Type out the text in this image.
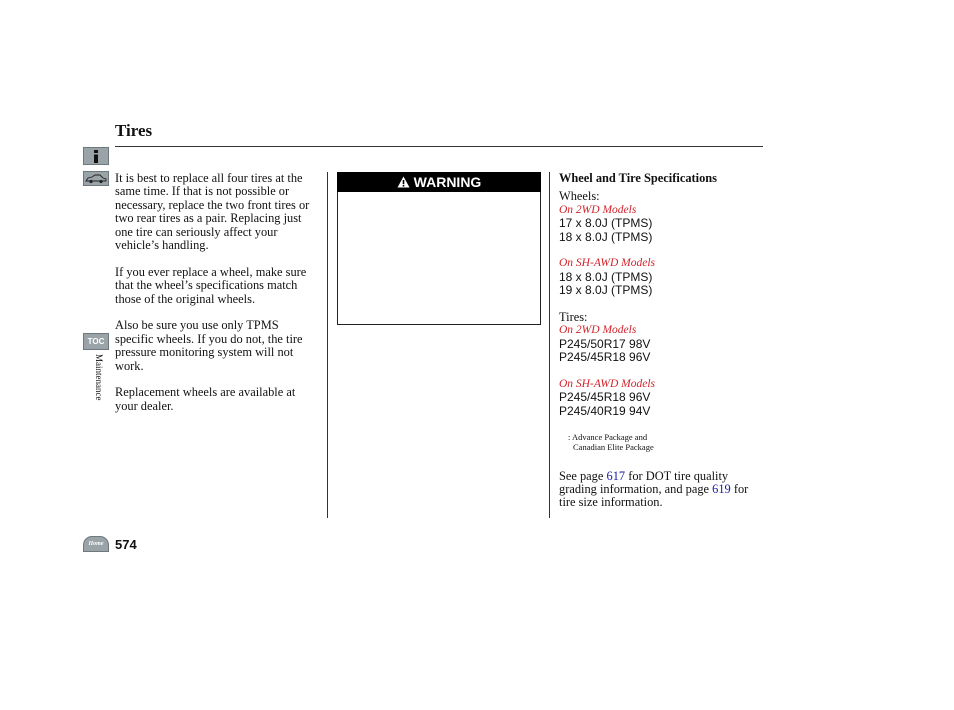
Tires
TOC
Maintenance
Home

It is best to replace all four tires at the same time. If that is not possible or necessary, replace the two front tires or two rear tires as a pair. Replacing just one tire can seriously affect your vehicle’s handling.

If you ever replace a wheel, make sure that the wheel’s specifications match those of the original wheels.

Also be sure you use only TPMS specific wheels. If you do not, the tire pressure monitoring system will not work.

Replacement wheels are available at your dealer.

WARNING	Wheel and Tire Specifications
Wheels:
On 2WD Models
17 x 8.0J (TPMS)
18 x 8.0J (TPMS)
On SH-AWD Models
18 x 8.0J (TPMS)
19 x 8.0J (TPMS)
Tires:
On 2WD Models
P245/50R17 98V
P245/45R18 96V
On SH-AWD Models
P245/45R18 96V
P245/40R19 94V
: Advance Package and
Canadian Elite Package
See page 617 for DOT tire quality grading information, and page 619 for tire size information.
574
